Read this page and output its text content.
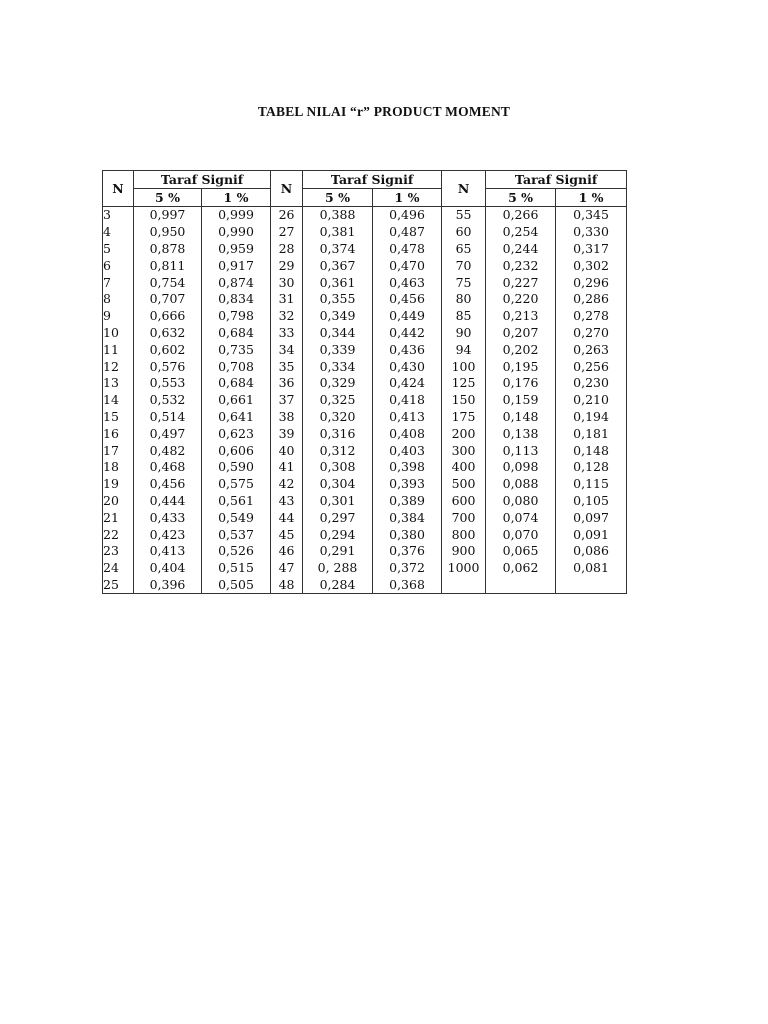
TABEL NILAI “r” PRODUCT MOMENT
N	Taraf Signif		N	Taraf Signif		N	Taraf Signif	
	5 %	1 %		5 %	1 %		5 %	1 %
3	0,997	0,999	26	0,388	0,496	55	0,266	0,345
4	0,950	0,990	27	0,381	0,487	60	0,254	0,330
5	0,878	0,959	28	0,374	0,478	65	0,244	0,317
6	0,811	0,917	29	0,367	0,470	70	0,232	0,302
7	0,754	0,874	30	0,361	0,463	75	0,227	0,296
8	0,707	0,834	31	0,355	0,456	80	0,220	0,286
9	0,666	0,798	32	0,349	0,449	85	0,213	0,278
10	0,632	0,684	33	0,344	0,442	90	0,207	0,270
11	0,602	0,735	34	0,339	0,436	94	0,202	0,263
12	0,576	0,708	35	0,334	0,430	100	0,195	0,256
13	0,553	0,684	36	0,329	0,424	125	0,176	0,230
14	0,532	0,661	37	0,325	0,418	150	0,159	0,210
15	0,514	0,641	38	0,320	0,413	175	0,148	0,194
16	0,497	0,623	39	0,316	0,408	200	0,138	0,181
17	0,482	0,606	40	0,312	0,403	300	0,113	0,148
18	0,468	0,590	41	0,308	0,398	400	0,098	0,128
19	0,456	0,575	42	0,304	0,393	500	0,088	0,115
20	0,444	0,561	43	0,301	0,389	600	0,080	0,105
21	0,433	0,549	44	0,297	0,384	700	0,074	0,097
22	0,423	0,537	45	0,294	0,380	800	0,070	0,091
23	0,413	0,526	46	0,291	0,376	900	0,065	0,086
24	0,404	0,515	47	0, 288	0,372	1000	0,062	0,081
25	0,396	0,505	48	0,284	0,368			
